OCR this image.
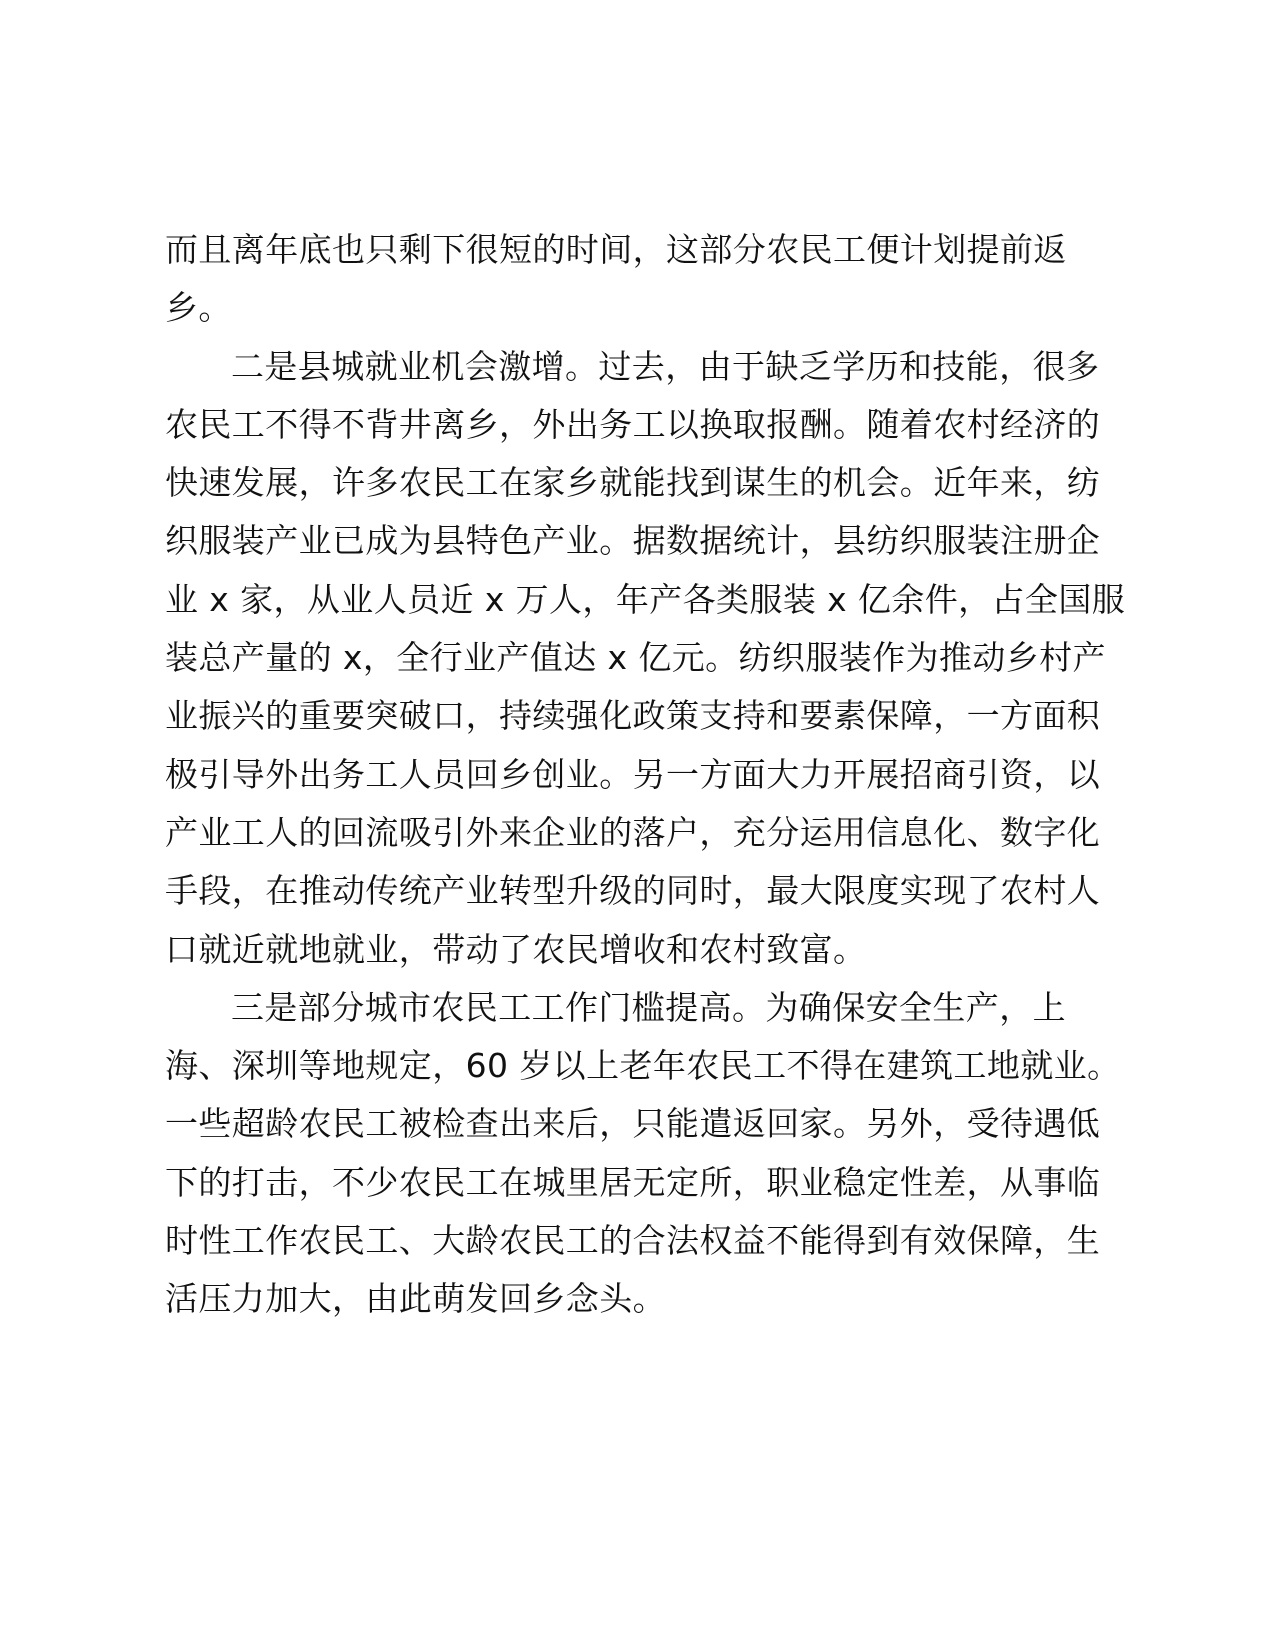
而且离年底也只剩下很短的时间，这部分农民工便计划提前返
乡。
二是县城就业机会激增。过去，由于缺乏学历和技能，很多
农民工不得不背井离乡，外出务工以换取报酬。随着农村经济的
快速发展，许多农民工在家乡就能找到谋生的机会。近年来，纺
织服装产业已成为县特色产业。据数据统计，县纺织服装注册企
业 x 家，从业人员近 x 万人，年产各类服装 x 亿余件，占全国服
装总产量的 x，全行业产值达 x 亿元。纺织服装作为推动乡村产
业振兴的重要突破口，持续强化政策支持和要素保障，一方面积
极引导外出务工人员回乡创业。另一方面大力开展招商引资，以
产业工人的回流吸引外来企业的落户，充分运用信息化、数字化
手段，在推动传统产业转型升级的同时，最大限度实现了农村人
口就近就地就业，带动了农民增收和农村致富。
三是部分城市农民工工作门槛提高。为确保安全生产，上
海、深圳等地规定，60 岁以上老年农民工不得在建筑工地就业。
一些超龄农民工被检查出来后，只能遣返回家。另外，受待遇低
下的打击，不少农民工在城里居无定所，职业稳定性差，从事临
时性工作农民工、大龄农民工的合法权益不能得到有效保障，生
活压力加大，由此萌发回乡念头。
